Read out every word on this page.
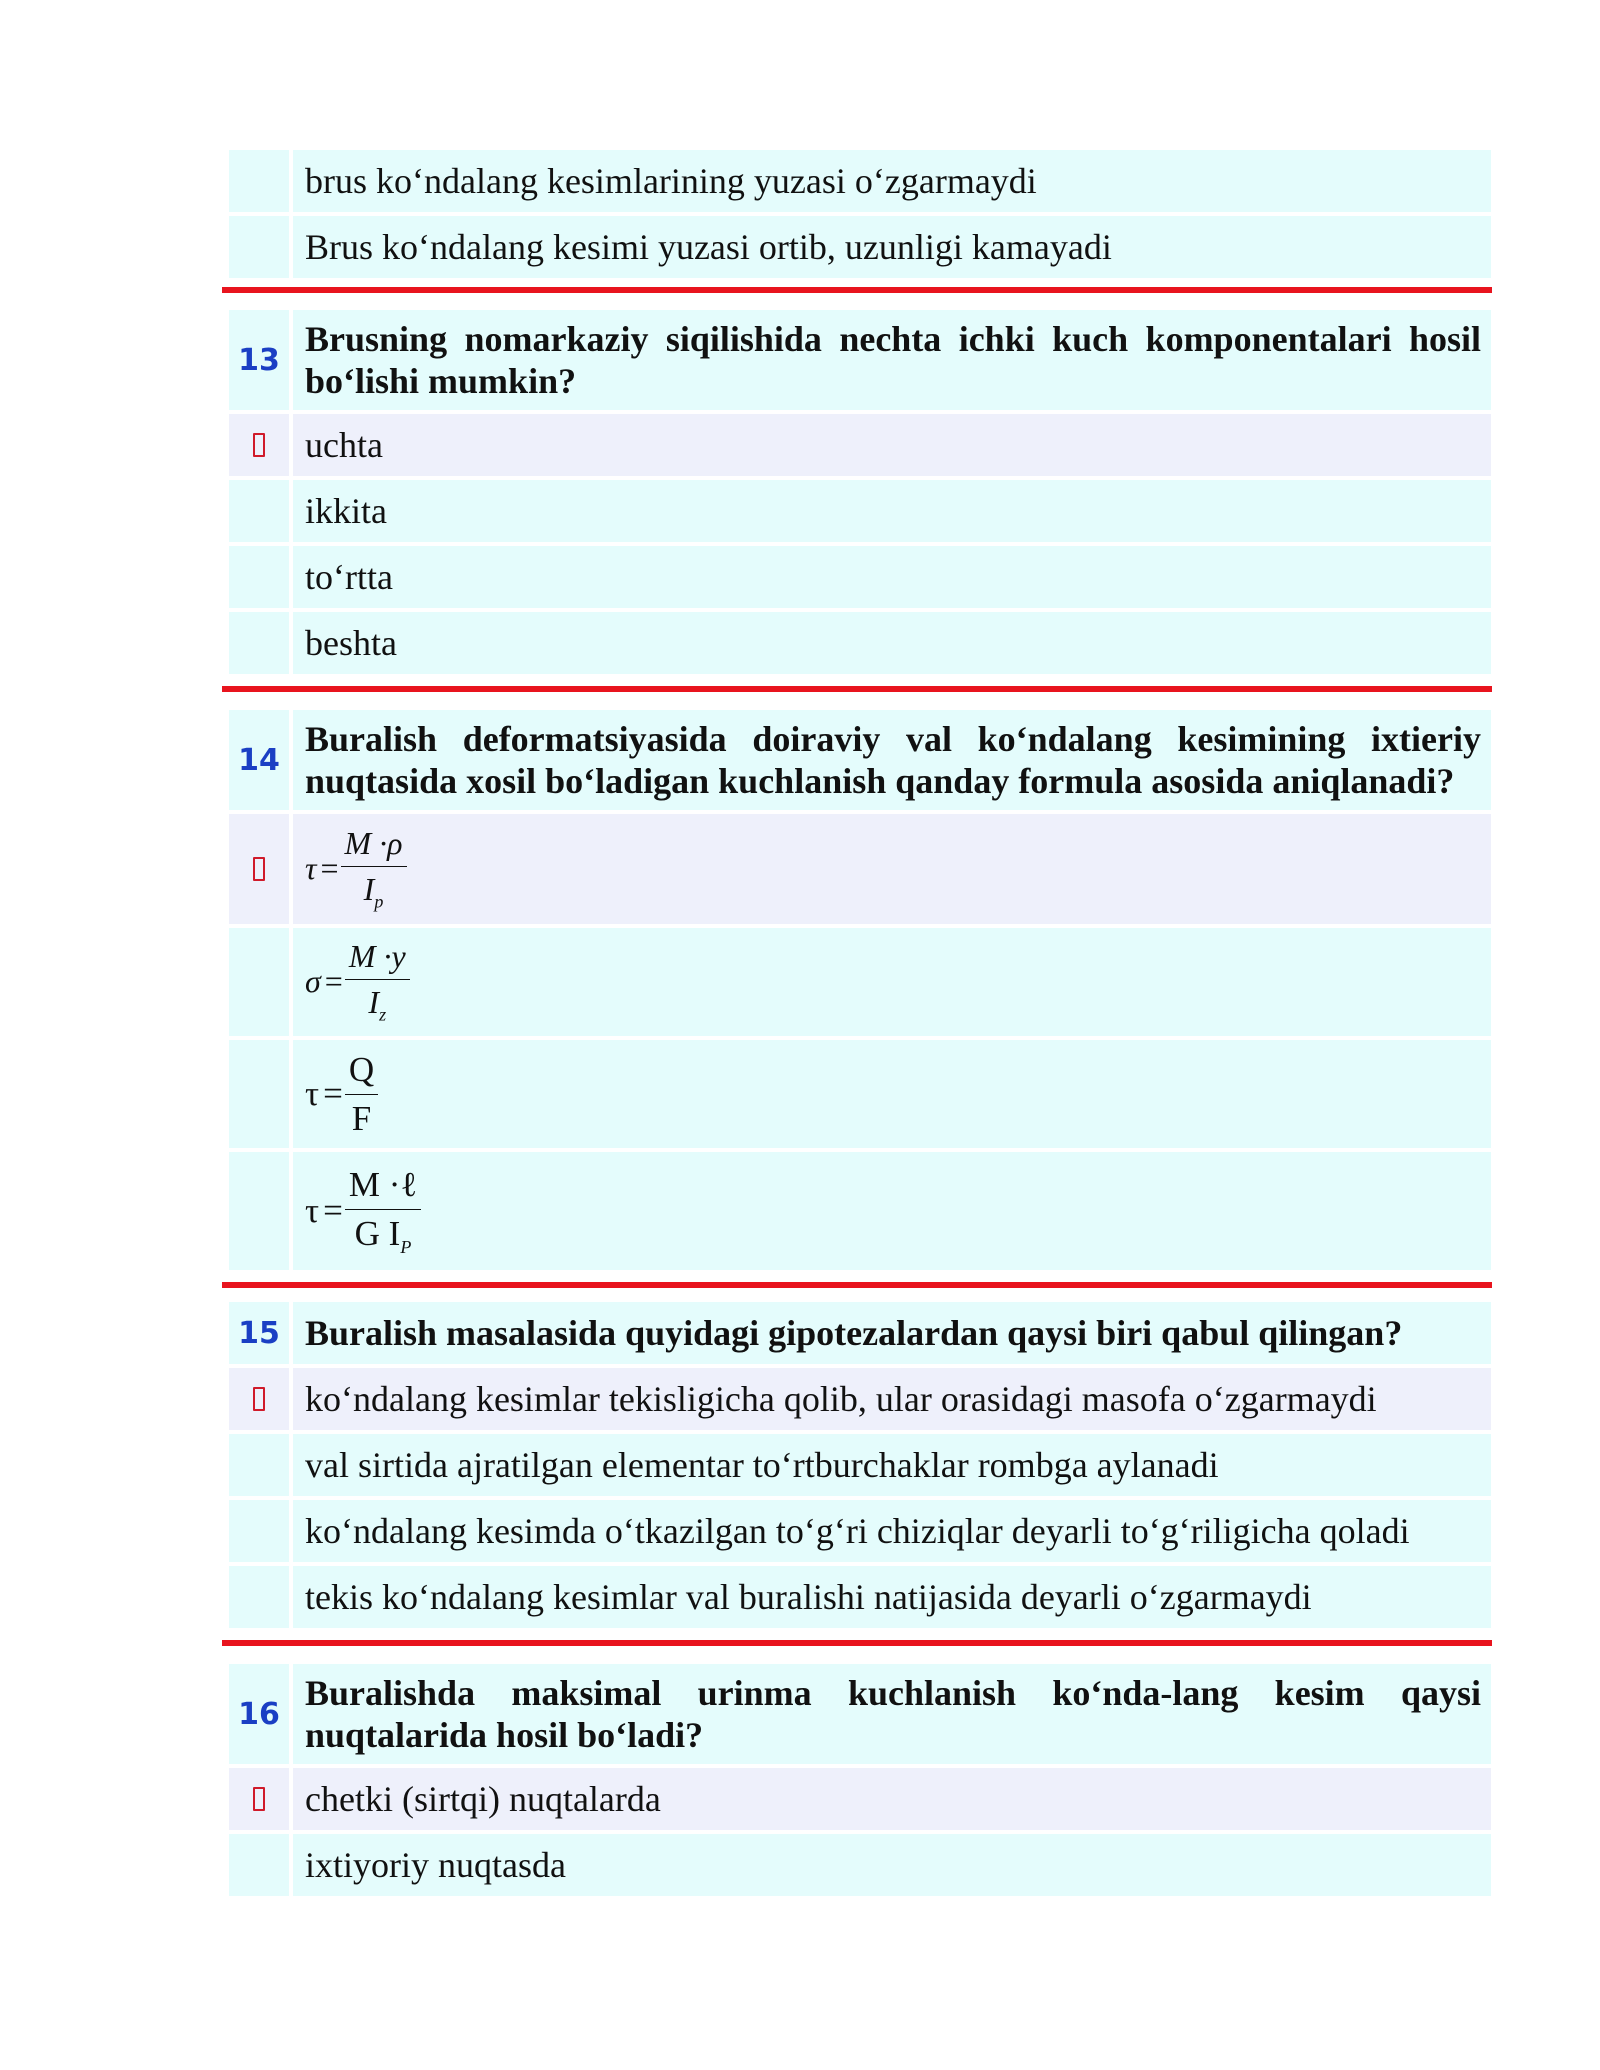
brus ko‘ndalang kesimlarining yuzasi o‘zgarmaydi
Brus ko‘ndalang kesimi yuzasi ortib, uzunligi kamayadi
13
Brusning nomarkaziy siqilishida nechta ichki kuch komponentalari hosil bo‘lishi mumkin?
uchta
ikkita
to‘rtta
beshta
14
Buralish deformatsiyasida doiraviy val ko‘ndalang kesimining ixtieriy nuqtasida xosil bo‘ladigan kuchlanish qanday formula asosida aniqlanadi?
$\tau = \frac{M \cdot\rho}{I_p}$
$\sigma = \frac{M \cdot y}{I_z}$
$\tau = \frac{Q}{F}$
$\tau = \frac{\text{M ·ℓ}}{G I_P}$
15 Buralish masalasida quyidagi gipotezalardan qaysi biri qabul qilingan?
ko‘ndalang kesimlar tekisligicha qolib, ular orasidagi masofa o‘zgarmaydi
val sirtida ajratilgan elementar to‘rtburchaklar rombga aylanadi
ko‘ndalang kesimda o‘tkazilgan to‘g‘ri chiziqlar deyarli to‘g‘riligicha qoladi
tekis ko‘ndalang kesimlar val buralishi natijasida deyarli o‘zgarmaydi
16
Buralishda maksimal urinma kuchlanish ko‘nda-lang kesim qaysi nuqtalarida hosil bo‘ladi?
chetki (sirtqi) nuqtalarda
ixtiyoriy nuqtasda
